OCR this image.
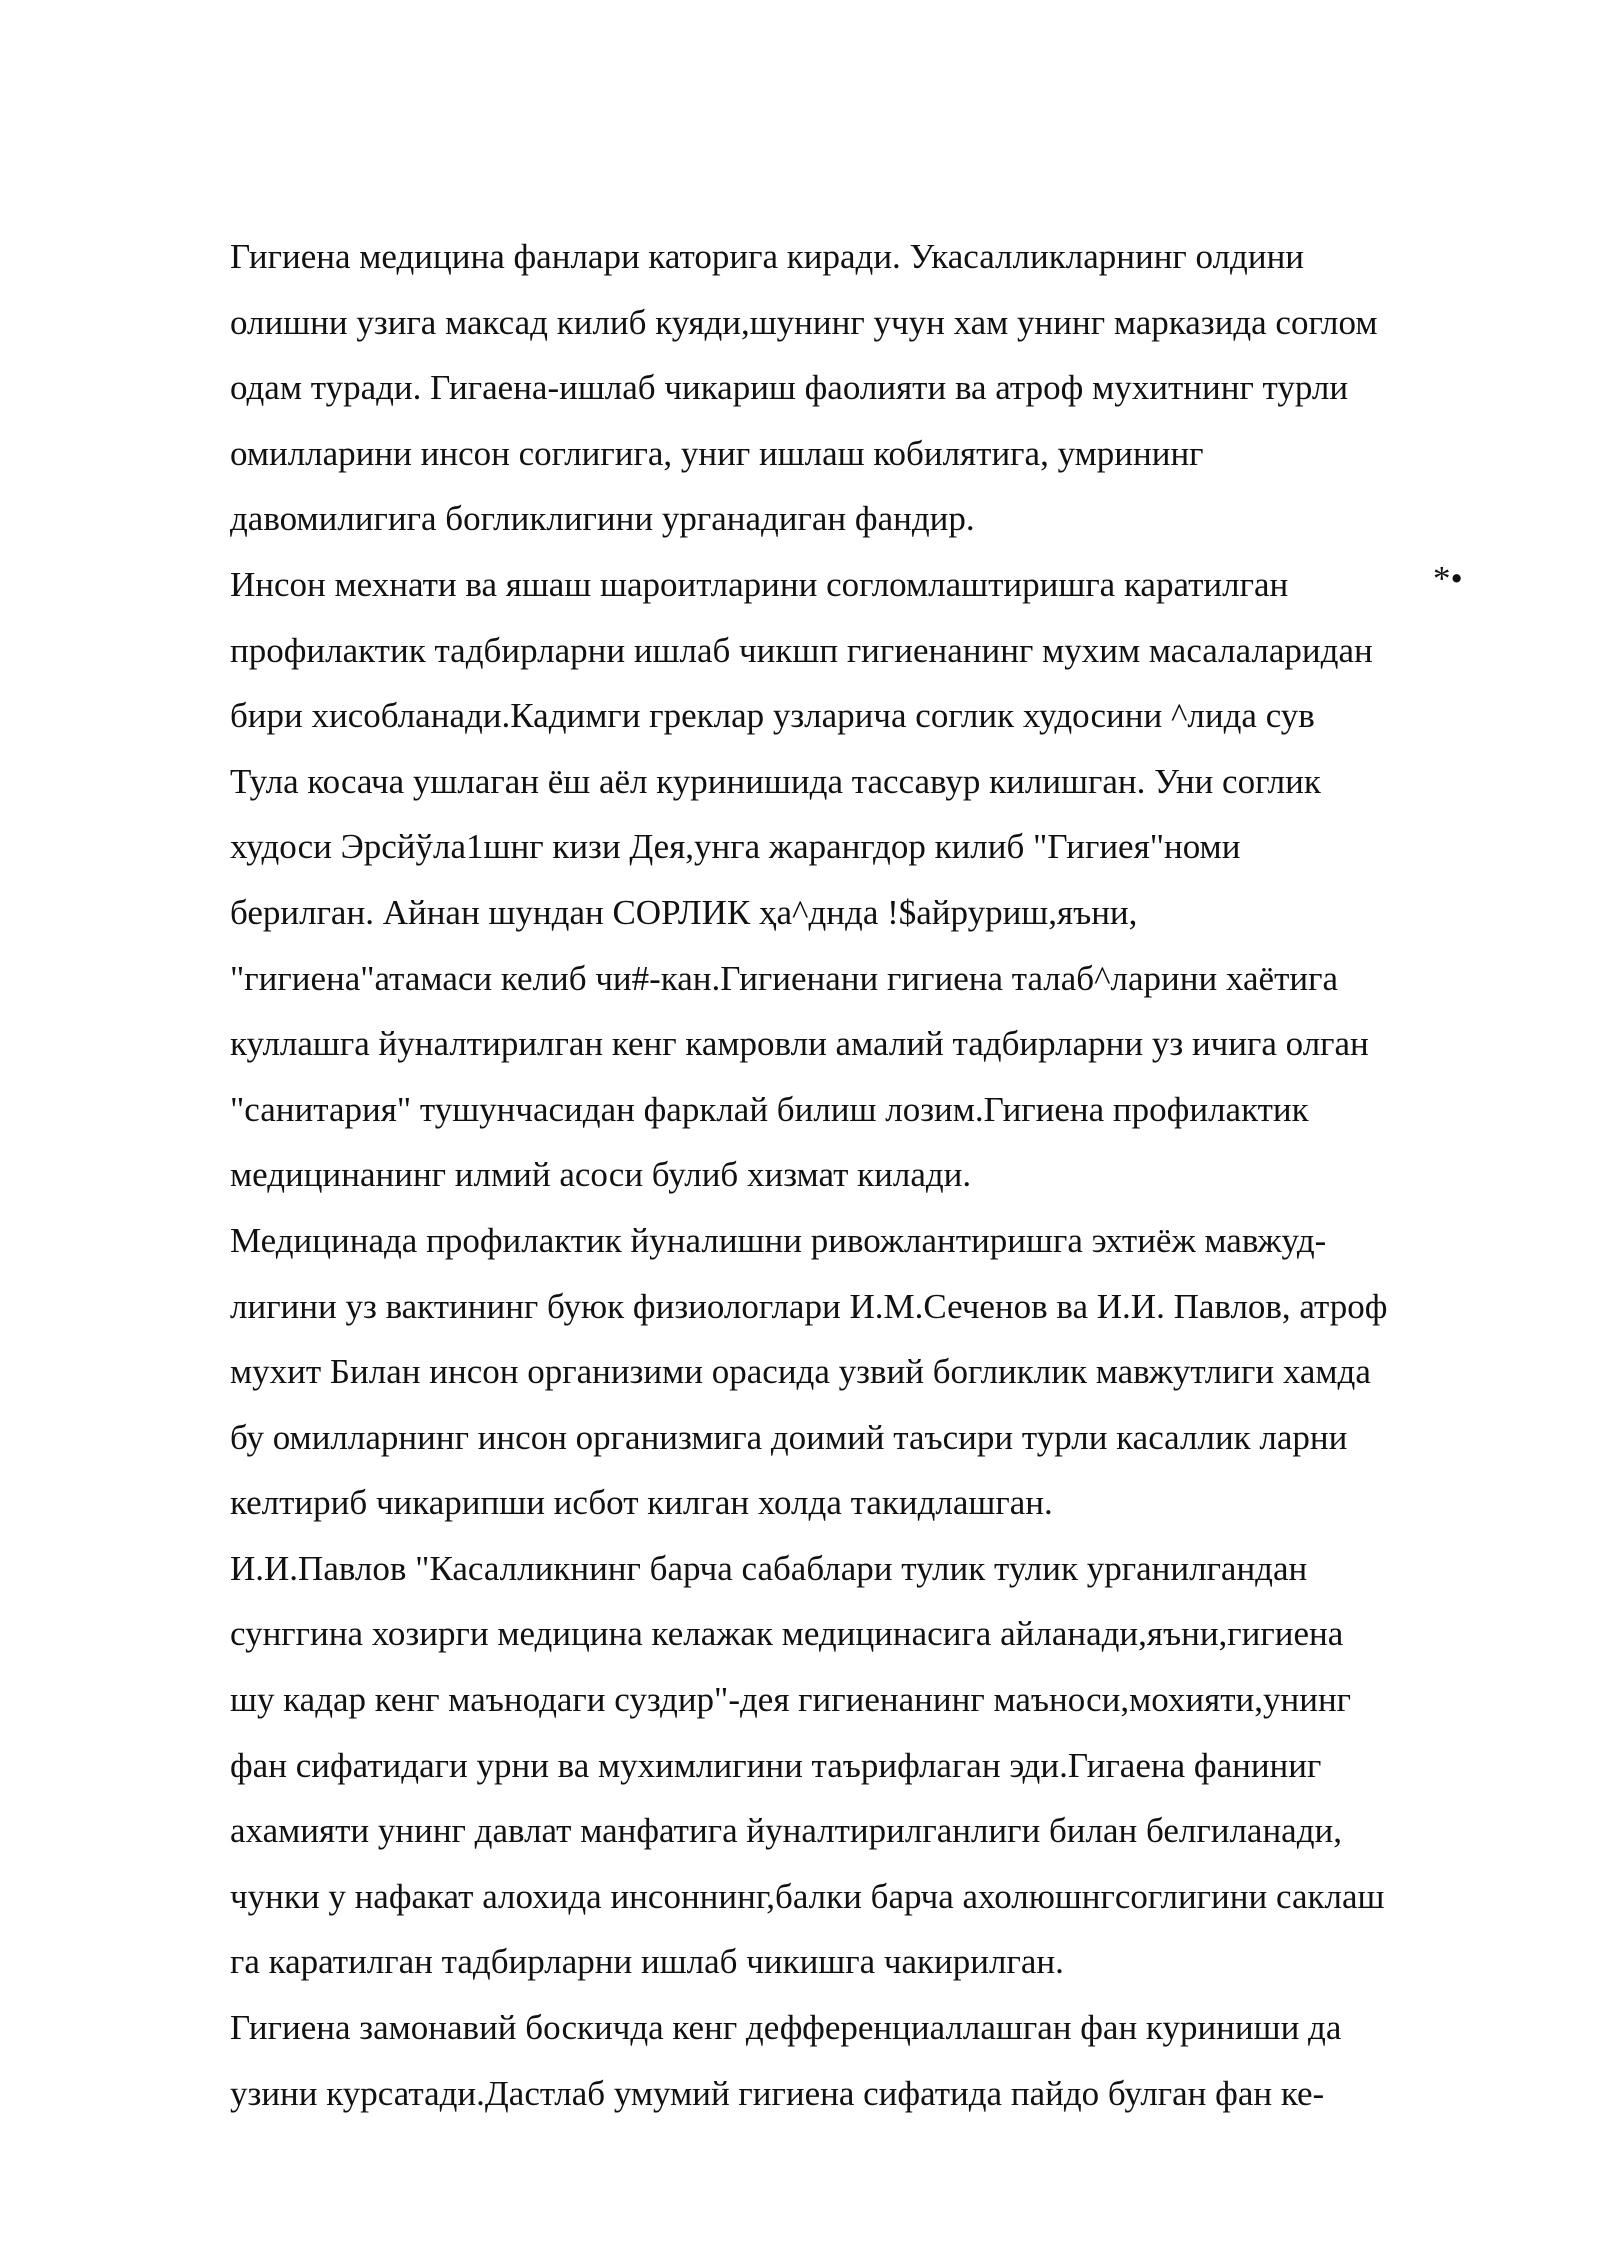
Гигиена медицина фанлари каторига киради. Укасалликларнинг олдини
олишни узига максад килиб куяди,шунинг учун хам унинг марказида соглом
одам туради. Гигаена-ишлаб чикариш фаолияти ва атроф мухитнинг турли
омилларини инсон соглигига, униг ишлаш кобилятига, умрининг
давомилигига богликлигини урганадиган фандир.
Инсон мехнати ва яшаш шароитларини согломлаштиришга каратилган
профилактик тадбирларни ишлаб чикшп гигиенанинг мухим масалаларидан
бири хисобланади.Кадимги греклар узларича соглик худосини ^лида сув
Тула косача ушлаган ёш аёл куринишида тассавур килишган. Уни соглик
худоси Эрсйўла1шнг кизи Дея,унга жарангдор килиб "Гигиея"номи
берилган. Айнан шундан СОРЛИК ҳа^днда !$айруриш,яъни,
"гигиена"атамаси келиб чи#-кан.Гигиенани гигиена талаб^ларини хаётига
куллашга йуналтирилган кенг камровли амалий тадбирларни уз ичига олган
"санитария" тушунчасидан фарклай билиш лозим.Гигиена профилактик
медицинанинг илмий асоси булиб хизмат килади.
Медицинада профилактик йуналишни ривожлантиришга эхтиёж мавжуд-
лигини уз вактининг буюк физиологлари И.М.Сеченов ва И.И. Павлов, атроф
мухит Билан инсон организими орасида узвий богликлик мавжутлиги хамда
бу омилларнинг инсон организмига доимий таъсири турли касаллик ларни
келтириб чикарипши исбот килган холда такидлашган.
И.И.Павлов "Касалликнинг барча сабаблари тулик тулик урганилгандан
сунггина хозирги медицина келажак медицинасига айланади,яъни,гигиена
шу кадар кенг маънодаги суздир"-дея гигиенанинг маъноси,мохияти,унинг
фан сифатидаги урни ва мухимлигини таърифлаган эди.Гигаена фаниниг
ахамияти унинг давлат манфатига йуналтирилганлиги билан белгиланади,
чунки у нафакат алохида инсоннинг,балки барча ахолюшнгсоглигини саклаш
га каратилган тадбирларни ишлаб чикишга чакирилган.
Гигиена замонавий боскичда кенг дефференциаллашган фан куриниши да
узини курсатади.Дастлаб умумий гигиена сифатида пайдо булган фан ке-
*•
